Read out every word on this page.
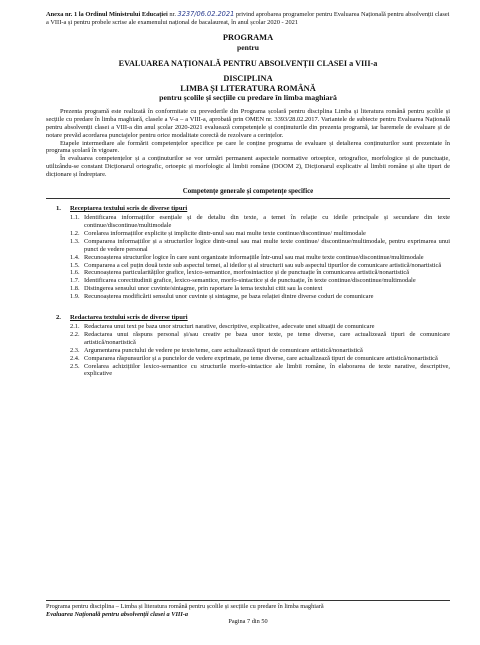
Anexa nr. 1 la Ordinul Ministrului Educației nr. 3237/06.02.2021 privind aprobarea programelor pentru Evaluarea Națională pentru absolvenții clasei a VIII-a și pentru probele scrise ale examenului național de bacalaureat, în anul școlar 2020 - 2021
PROGRAMA
pentru
EVALUAREA NAȚIONALĂ PENTRU ABSOLVENȚII CLASEI a VIII-a
DISCIPLINA
LIMBA ȘI LITERATURA ROMÂNĂ
pentru școlile și secțiile cu predare în limba maghiară

Prezenta programă este realizată în conformitate cu prevederile din Programa școlară pentru disciplina Limba și literatura română pentru școlile și secțiile cu predare în limba maghiară, clasele a V-a – a VIII-a, aprobată prin OMEN nr. 3393/28.02.2017. Variantele de subiecte pentru Evaluarea Națională pentru absolvenții clasei a VIII-a din anul școlar 2020-2021 evaluează competențele și conținuturile din prezenta programă, iar baremele de evaluare și de notare prevăd acordarea punctajelor pentru orice modalitate corectă de rezolvare a cerințelor.

Etapele intermediare ale formării competențelor specifice pe care le conține programa de evaluare și detalierea conținuturilor sunt prezentate în programa școlară în vigoare.

În evaluarea competențelor și a conținuturilor se vor urmări permanent aspectele normative ortoepice, ortografice, morfologice și de punctuație, utilizându-se constant Dicționarul ortografic, ortoepic și morfologic al limbii române (DOOM 2), Dicționarul explicativ al limbii române și alte tipuri de dicționare și îndreptare.

Competențe generale și competențe specifice
1. Receptarea textului scris de diverse tipuri
1.1. Identificarea informațiilor esențiale și de detaliu din texte, a temei în relație cu ideile principale și secundare din texte continue/discontinue/multimodale
1.2. Corelarea informațiilor explicite și implicite dintr-unul sau mai multe texte continue/discontinue/ multimodale
1.3. Compararea informațiilor și a structurilor logice dintr-unul sau mai multe texte continue/ discontinue/multimodale, pentru exprimarea unui punct de vedere personal
1.4. Recunoașterea structurilor logice în care sunt organizate informațiile într-unul sau mai multe texte continue/discontinue/multimodale
1.5. Compararea a cel puțin două texte sub aspectul temei, al ideilor și al structurii sau sub aspectul tipurilor de comunicare artistică/nonartistică
1.6. Recunoașterea particularităților grafice, lexico-semantice, morfosintactice și de punctuație în comunicarea artistică/nonartistică
1.7. Identificarea corectitudinii grafice, lexico-semantice, morfo-sintactice și de punctuație, în texte continue/discontinue/multimodale
1.8. Distingerea sensului unor cuvinte/sintagme, prin raportare la tema textului citit sau la context
1.9. Recunoașterea modificării sensului unor cuvinte și sintagme, pe baza relației dintre diverse coduri de comunicare
2. Redactarea textului scris de diverse tipuri
2.1. Redactarea unui text pe baza unor structuri narative, descriptive, explicative, adecvate unei situații de comunicare
2.2. Redactarea unui răspuns personal și/sau creativ pe baza unor texte, pe teme diverse, care actualizează tipuri de comunicare artistică/nonartistică
2.3. Argumentarea punctului de vedere pe texte/teme, care actualizează tipuri de comunicare artistică/nonartistică
2.4. Compararea răspunsurilor și a punctelor de vedere exprimate, pe teme diverse, care actualizează tipuri de comunicare artistică/nonartistică
2.5. Corelarea achizițiilor lexico-semantice cu structurile morfo-sintactice ale limbii române, în elaborarea de texte narative, descriptive, explicative
Programa pentru disciplina – Limba și literatura română pentru școlile și secțiile cu predare în limba maghiară
Evaluarea Națională pentru absolvenții clasei a VIII-a
Pagina 7 din 50
